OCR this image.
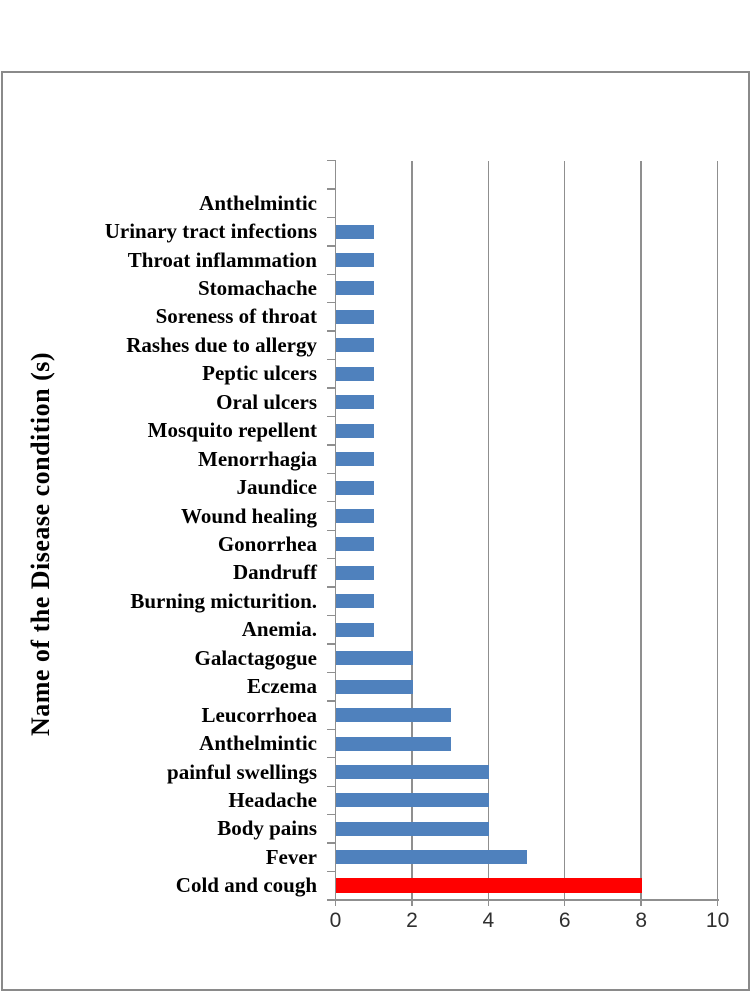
Name of the Disease condition (s)
Anthelmintic
Urinary tract infections
Throat inflammation
Stomachache
Soreness of throat
Rashes due to allergy
Peptic ulcers
Oral ulcers
Mosquito repellent
Menorrhagia
Jaundice
Wound healing
Gonorrhea
Dandruff
Burning micturition.
Anemia.
Galactagogue
Eczema
Leucorrhoea
Anthelmintic
painful swellings
Headache
Body pains
Fever
Cold and cough
0	2	4	6	8	10
